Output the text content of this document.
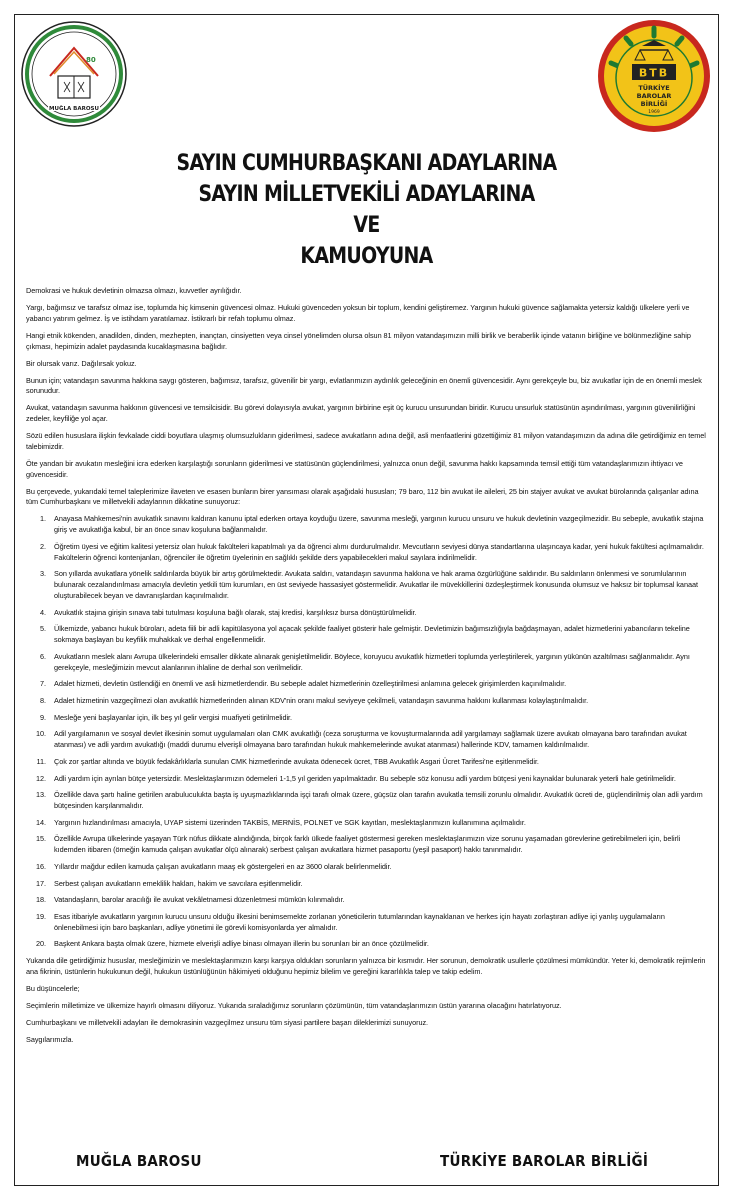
80
MUĞLA BAROSU
BTB
TÜRKİYE
BAROLAR
BİRLİĞİ
1969
SAYIN CUMHURBAŞKANI ADAYLARINA
SAYIN MİLLETVEKİLİ ADAYLARINA
VE
KAMUOYUNA

Demokrasi ve hukuk devletinin olmazsa olmazı, kuvvetler ayrılığıdır.

Yargı, bağımsız ve tarafsız olmaz ise, toplumda hiç kimsenin güvencesi olmaz. Hukuki güvenceden yoksun bir toplum, kendini geliştiremez. Yargının hukuki güvence sağlamakta yetersiz kaldığı ülkelere yerli ve yabancı yatırım gelmez. İş ve istihdam yaratılamaz. İstikrarlı bir refah toplumu olmaz.

Hangi etnik kökenden, anadilden, dinden, mezhepten, inançtan, cinsiyetten veya cinsel yönelimden olursa olsun 81 milyon vatandaşımızın milli birlik ve beraberlik içinde vatanın birliğine ve bölünmezliğine sahip çıkması, hepimizin adalet paydasında kucaklaşmasına bağlıdır.

Bir olursak varız. Dağılırsak yokuz.

Bunun için; vatandaşın savunma hakkına saygı gösteren, bağımsız, tarafsız, güvenilir bir yargı, evlatlarımızın aydınlık geleceğinin en önemli güvencesidir. Aynı gerekçeyle bu, biz avukatlar için de en önemli meslek sorunudur.

Avukat, vatandaşın savunma hakkının güvencesi ve temsilcisidir. Bu görevi dolayısıyla avukat, yargının birbirine eşit üç kurucu unsurundan biridir. Kurucu unsurluk statüsünün aşındırılması, yargının güvenilirliğini zedeler, keyfiliğe yol açar.

Sözü edilen hususlara ilişkin fevkalade ciddi boyutlara ulaşmış olumsuzlukların giderilmesi, sadece avukatların adına değil, asli menfaatlerini gözettiğimiz 81 milyon vatandaşımızın da adına dile getirdiğimiz en temel talebimizdir.

Öte yandan bir avukatın mesleğini icra ederken karşılaştığı sorunların giderilmesi ve statüsünün güçlendirilmesi, yalnızca onun değil, savunma hakkı kapsamında temsil ettiği tüm vatandaşlarımızın ihtiyacı ve güvencesidir.

Bu çerçevede, yukarıdaki temel taleplerimize ilaveten ve esasen bunların birer yansıması olarak aşağıdaki hususları; 79 baro, 112 bin avukat ile aileleri, 25 bin stajyer avukat ve avukat bürolarında çalışanlar adına tüm Cumhurbaşkanı ve milletvekili adaylarının dikkatine sunuyoruz:

1. Anayasa Mahkemesi'nin avukatlık sınavını kaldıran kanunu iptal ederken ortaya koyduğu üzere, savunma mesleği, yargının kurucu unsuru ve hukuk devletinin vazgeçilmezidir. Bu sebeple, avukatlık stajına giriş ve avukatlığa kabul, bir an önce sınav koşuluna bağlanmalıdır.
2. Öğretim üyesi ve eğitim kalitesi yetersiz olan hukuk fakülteleri kapatılmalı ya da öğrenci alımı durdurulmalıdır. Mevcutların seviyesi dünya standartlarına ulaşıncaya kadar, yeni hukuk fakültesi açılmamalıdır. Fakültelerin öğrenci kontenjanları, öğrenciler ile öğretim üyelerinin en sağlıklı şekilde ders yapabilecekleri makul sayılara indirilmelidir.
3. Son yıllarda avukatlara yönelik saldırılarda büyük bir artış görülmektedir. Avukata saldırı, vatandaşın savunma hakkına ve hak arama özgürlüğüne saldırıdır. Bu saldırıların önlenmesi ve sorumlularının bulunarak cezalandırılması amacıyla devletin yetkili tüm kurumları, en üst seviyede hassasiyet göstermelidir. Avukatlar ile müvekkillerini özdeşleştirmek konusunda olumsuz ve haksız bir toplumsal kanaat oluşturabilecek beyan ve davranışlardan kaçınılmalıdır.
4. Avukatlık stajına girişin sınava tabi tutulması koşuluna bağlı olarak, staj kredisi, karşılıksız bursa dönüştürülmelidir.
5. Ülkemizde, yabancı hukuk büroları, adeta fiili bir adli kapitülasyona yol açacak şekilde faaliyet gösterir hale gelmiştir. Devletimizin bağımsızlığıyla bağdaşmayan, adalet hizmetlerini yabancıların tekeline sokmaya başlayan bu keyfilik muhakkak ve derhal engellenmelidir.
6. Avukatların meslek alanı Avrupa ülkelerindeki emsaller dikkate alınarak genişletilmelidir. Böylece, koruyucu avukatlık hizmetleri toplumda yerleştirilerek, yargının yükünün azaltılması sağlanmalıdır. Aynı gerekçeyle, mesleğimizin mevcut alanlarının ihlaline de derhal son verilmelidir.
7. Adalet hizmeti, devletin üstlendiği en önemli ve asli hizmetlerdendir. Bu sebeple adalet hizmetlerinin özelleştirilmesi anlamına gelecek girişimlerden kaçınılmalıdır.
8. Adalet hizmetinin vazgeçilmezi olan avukatlık hizmetlerinden alınan KDV'nin oranı makul seviyeye çekilmeli, vatandaşın savunma hakkını kullanması kolaylaştırılmalıdır.
9. Mesleğe yeni başlayanlar için, ilk beş yıl gelir vergisi muafiyeti getirilmelidir.
10. Adil yargılamanın ve sosyal devlet ilkesinin somut uygulamaları olan CMK avukatlığı (ceza soruşturma ve kovuşturmalarında adil yargılamayı sağlamak üzere avukatı olmayana baro tarafından avukat atanması) ve adli yardım avukatlığı (maddi durumu elverişli olmayana baro tarafından hukuk mahkemelerinde avukat atanması) hallerinde KDV, tamamen kaldırılmalıdır.
11. Çok zor şartlar altında ve büyük fedakârlıklarla sunulan CMK hizmetlerinde avukata ödenecek ücret, TBB Avukatlık Asgari Ücret Tarifesi'ne eşitlenmelidir.
12. Adli yardım için ayrılan bütçe yetersizdir. Meslektaşlarımızın ödemeleri 1-1,5 yıl geriden yapılmaktadır. Bu sebeple söz konusu adli yardım bütçesi yeni kaynaklar bulunarak yeterli hale getirilmelidir.
13. Özellikle dava şartı haline getirilen arabuluculukta başta iş uyuşmazlıklarında işçi tarafı olmak üzere, güçsüz olan tarafın avukatla temsili zorunlu olmalıdır. Avukatlık ücreti de, güçlendirilmiş olan adli yardım bütçesinden karşılanmalıdır.
14. Yargının hızlandırılması amacıyla, UYAP sistemi üzerinden TAKBİS, MERNİS, POLNET ve SGK kayıtları, meslektaşlarımızın kullanımına açılmalıdır.
15. Özellikle Avrupa ülkelerinde yaşayan Türk nüfus dikkate alındığında, birçok farklı ülkede faaliyet göstermesi gereken meslektaşlarımızın vize sorunu yaşamadan görevlerine getirebilmeleri için, belirli kıdemden itibaren (örneğin kamuda çalışan avukatlar ölçü alınarak) serbest çalışan avukatlara hizmet pasaportu (yeşil pasaport) hakkı tanınmalıdır.
16. Yıllardır mağdur edilen kamuda çalışan avukatların maaş ek göstergeleri en az 3600 olarak belirlenmelidir.
17. Serbest çalışan avukatların emeklilik hakları, hakim ve savcılara eşitlenmelidir.
18. Vatandaşların, barolar aracılığı ile avukat vekâletnamesi düzenletmesi mümkün kılınmalıdır.
19. Esas itibariyle avukatların yargının kurucu unsuru olduğu ilkesini benimsemekte zorlanan yöneticilerin tutumlarından kaynaklanan ve herkes için hayatı zorlaştıran adliye içi yanlış uygulamaların önlenebilmesi için baro başkanları, adliye yönetimi ile görevli komisyonlarda yer almalıdır.
20. Başkent Ankara başta olmak üzere, hizmete elverişli adliye binası olmayan illerin bu sorunları bir an önce çözülmelidir.

Yukarıda dile getirdiğimiz hususlar, mesleğimizin ve meslektaşlarımızın karşı karşıya oldukları sorunların yalnızca bir kısmıdır. Her sorunun, demokratik usullerle çözülmesi mümkündür. Yeter ki, demokratik rejimlerin ana fikrinin, üstünlerin hukukunun değil, hukukun üstünlüğünün hâkimiyeti olduğunu hepimiz bilelim ve gereğini kararlılıkla talep ve takip edelim.

Bu düşüncelerle;

Seçimlerin milletimize ve ülkemize hayırlı olmasını diliyoruz. Yukarıda sıraladığımız sorunların çözümünün, tüm vatandaşlarımızın üstün yararına olacağını hatırlatıyoruz.

Cumhurbaşkanı ve milletvekili adayları ile demokrasinin vazgeçilmez unsuru tüm siyasi partilere başarı dileklerimizi sunuyoruz.

Saygılarımızla.

MUĞLA BAROSU	TÜRKİYE BAROLAR BİRLİĞİ
